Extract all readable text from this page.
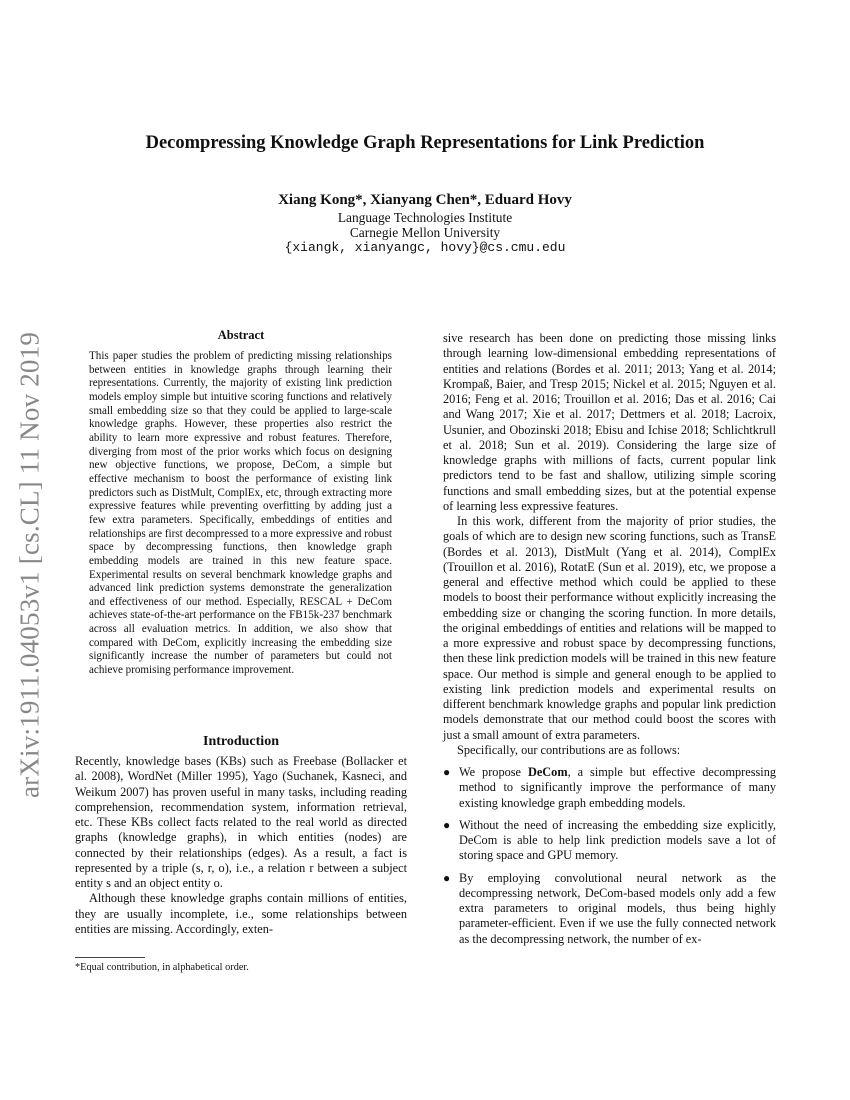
arXiv:1911.04053v1 [cs.CL] 11 Nov 2019
Decompressing Knowledge Graph Representations for Link Prediction
Xiang Kong*, Xianyang Chen*, Eduard Hovy
Language Technologies Institute
Carnegie Mellon University
{xiangk, xianyangc, hovy}@cs.cmu.edu
Abstract
This paper studies the problem of predicting missing relationships between entities in knowledge graphs through learning their representations. Currently, the majority of existing link prediction models employ simple but intuitive scoring functions and relatively small embedding size so that they could be applied to large-scale knowledge graphs. However, these properties also restrict the ability to learn more expressive and robust features. Therefore, diverging from most of the prior works which focus on designing new objective functions, we propose, DeCom, a simple but effective mechanism to boost the performance of existing link predictors such as DistMult, ComplEx, etc, through extracting more expressive features while preventing overfitting by adding just a few extra parameters. Specifically, embeddings of entities and relationships are first decompressed to a more expressive and robust space by decompressing functions, then knowledge graph embedding models are trained in this new feature space. Experimental results on several benchmark knowledge graphs and advanced link prediction systems demonstrate the generalization and effectiveness of our method. Especially, RESCAL + DeCom achieves state-of-the-art performance on the FB15k-237 benchmark across all evaluation metrics. In addition, we also show that compared with DeCom, explicitly increasing the embedding size significantly increase the number of parameters but could not achieve promising performance improvement.
Introduction

Recently, knowledge bases (KBs) such as Freebase (Bollacker et al. 2008), WordNet (Miller 1995), Yago (Suchanek, Kasneci, and Weikum 2007) has proven useful in many tasks, including reading comprehension, recommendation system, information retrieval, etc. These KBs collect facts related to the real world as directed graphs (knowledge graphs), in which entities (nodes) are connected by their relationships (edges). As a result, a fact is represented by a triple (s, r, o), i.e., a relation r between a subject entity s and an object entity o.

Although these knowledge graphs contain millions of entities, they are usually incomplete, i.e., some relationships between entities are missing. Accordingly, exten-

*Equal contribution, in alphabetical order.

sive research has been done on predicting those missing links through learning low-dimensional embedding representations of entities and relations (Bordes et al. 2011; 2013; Yang et al. 2014; Krompaß, Baier, and Tresp 2015; Nickel et al. 2015; Nguyen et al. 2016; Feng et al. 2016; Trouillon et al. 2016; Das et al. 2016; Cai and Wang 2017; Xie et al. 2017; Dettmers et al. 2018; Lacroix, Usunier, and Obozinski 2018; Ebisu and Ichise 2018; Schlichtkrull et al. 2018; Sun et al. 2019). Considering the large size of knowledge graphs with millions of facts, current popular link predictors tend to be fast and shallow, utilizing simple scoring functions and small embedding sizes, but at the potential expense of learning less expressive features.

In this work, different from the majority of prior studies, the goals of which are to design new scoring functions, such as TransE (Bordes et al. 2013), DistMult (Yang et al. 2014), ComplEx (Trouillon et al. 2016), RotatE (Sun et al. 2019), etc, we propose a general and effective method which could be applied to these models to boost their performance without explicitly increasing the embedding size or changing the scoring function. In more details, the original embeddings of entities and relations will be mapped to a more expressive and robust space by decompressing functions, then these link prediction models will be trained in this new feature space. Our method is simple and general enough to be applied to existing link prediction models and experimental results on different benchmark knowledge graphs and popular link prediction models demonstrate that our method could boost the scores with just a small amount of extra parameters.

Specifically, our contributions are as follows:

● We propose DeCom, a simple but effective decompressing method to significantly improve the performance of many existing knowledge graph embedding models.
● Without the need of increasing the embedding size explicitly, DeCom is able to help link prediction models save a lot of storing space and GPU memory.
● By employing convolutional neural network as the decompressing network, DeCom-based models only add a few extra parameters to original models, thus being highly parameter-efficient. Even if we use the fully connected network as the decompressing network, the number of ex-
